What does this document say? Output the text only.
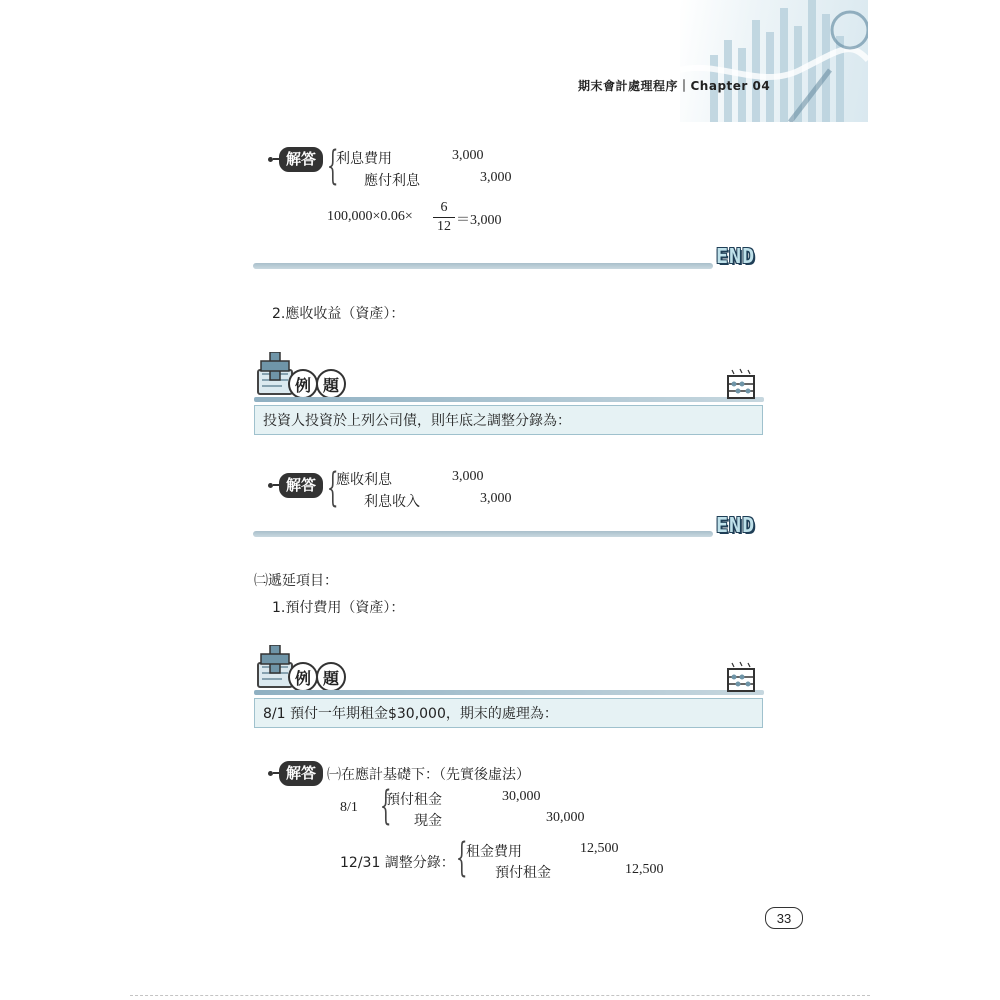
期末會計處理程序｜Chapter 04
解答 {
利息費用	3,000
應付利息	3,000
100,000×0.06×
6
12 ＝3,000
END
2.應收收益（資產）：
例 題
投資人投資於上列公司債，則年底之調整分錄為：
解答 {
應收利息	3,000
利息收入	3,000
END
㈡遞延項目：
1.預付費用（資產）：
例 題
8/1 預付一年期租金$30,000，期末的處理為：
解答 ㈠在應計基礎下：（先實後虛法）
8/1 {
預付租金	30,000
現金	30,000
12/31 調整分錄： {
租金費用	12,500
預付租金	12,500
33
